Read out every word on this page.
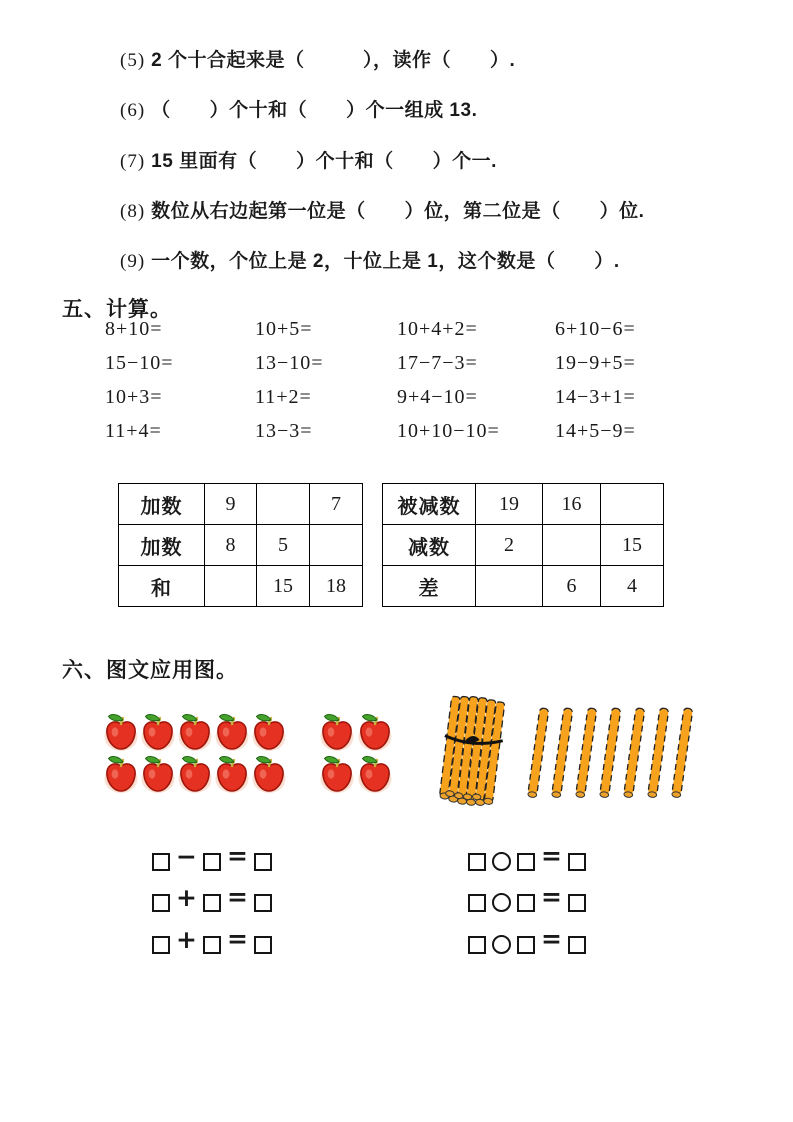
(5) 2 个十合起来是（　　　），读作（　　）.
(6) （　　）个十和（　　）个一组成 13.
(7) 15 里面有（　　）个十和（　　）个一.
(8) 数位从右边起第一位是（　　）位，第二位是（　　）位.
(9) 一个数，个位上是 2，十位上是 1，这个数是（　　）.
五、计算。
8+10=	10+5=	10+4+2=	6+10−6=
15−10=	13−10=	17−7−3=	19−9+5=
10+3=	11+2=	9+4−10=	14−3+1=
11+4=	13−3=	10+10−10=	14+5−9=
加数	9		7
加数	8	5	
和		15	18
被减数	19	16	
减数	2		15
差		6	4
六、图文应用图。
− =
+ =
+ =
=
=
=
